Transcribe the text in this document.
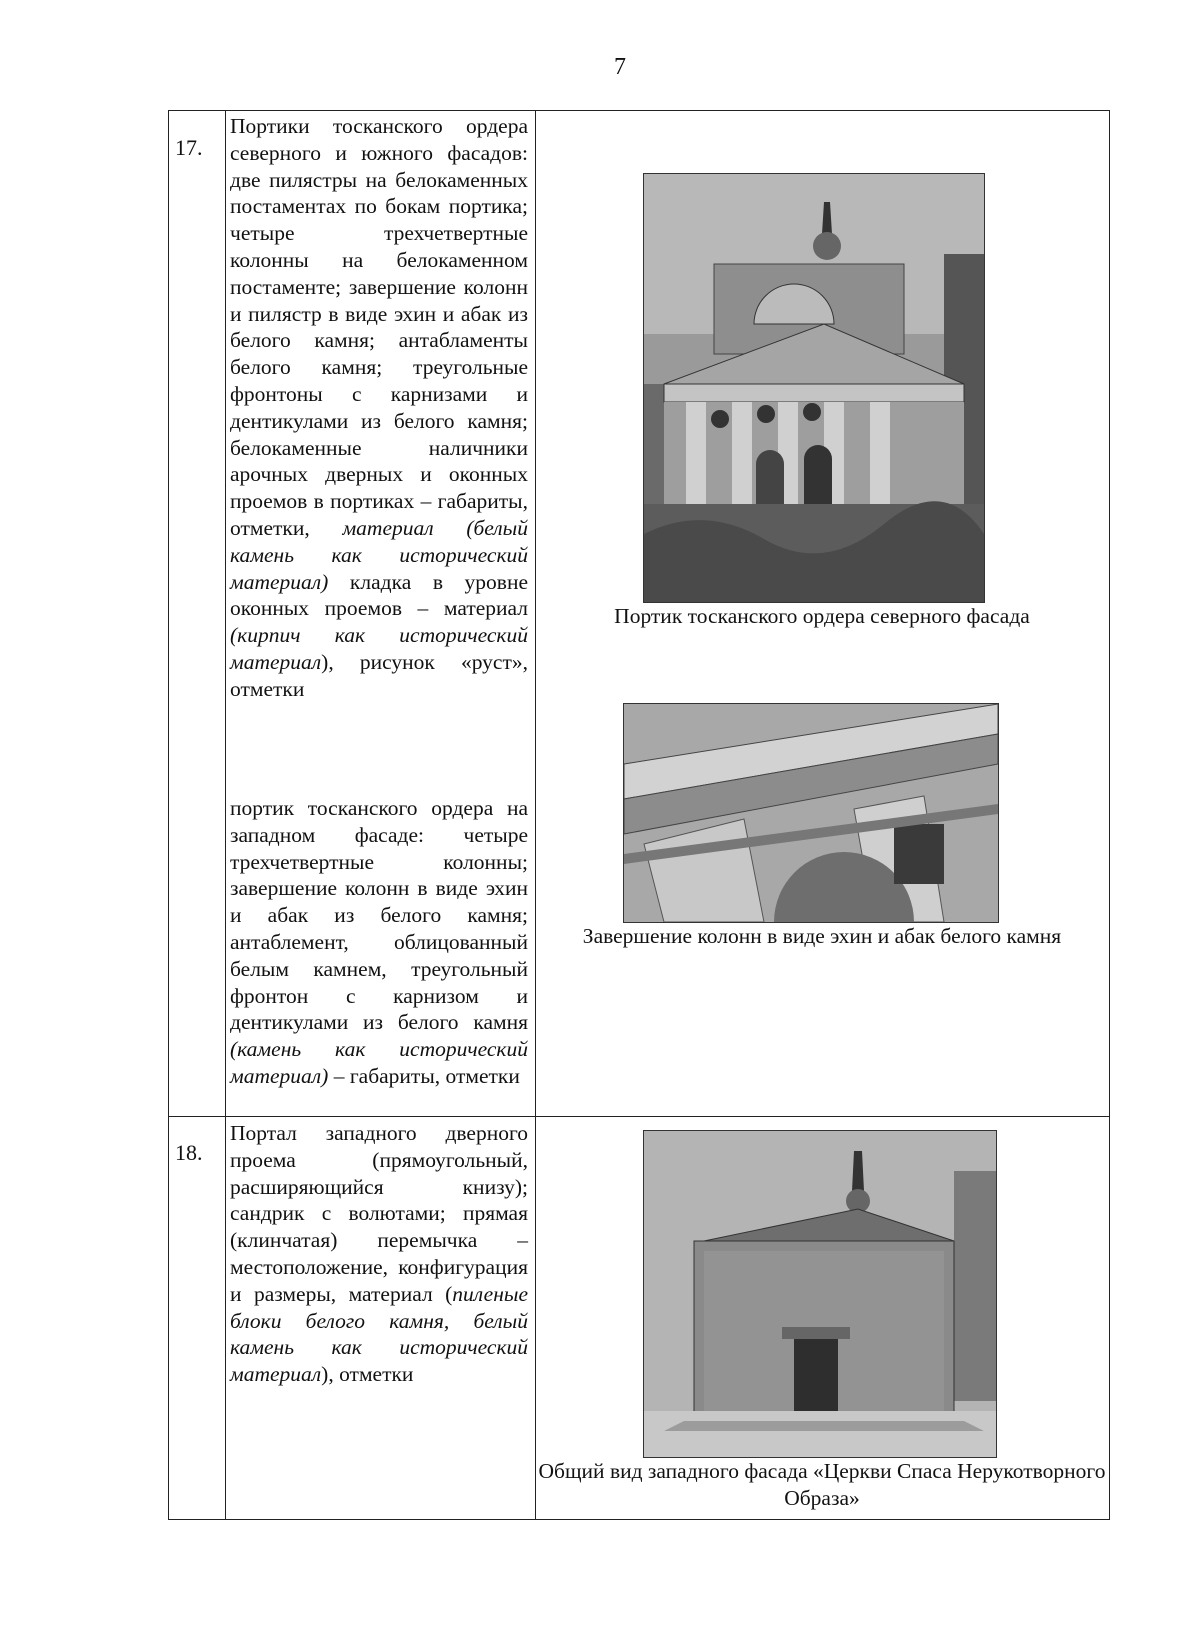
7
17.
Портики тосканского ордера северного и южного фасадов: две пилястры на белокаменных постаментах по бокам портика; четыре трехчетвертные колонны на белокаменном постаменте; завершение колонн и пилястр в виде эхин и абак из белого камня; антабламенты белого камня; треугольные фронтоны с карнизами и дентикулами из белого камня; белокаменные наличники арочных дверных и оконных проемов в портиках – габариты, отметки, материал (белый камень как исторический материал) кладка в уровне оконных проемов – материал (кирпич как исторический материал), рисунок «руст», отметки
портик тосканского ордера на западном фасаде: четыре трехчетвертные колонны; завершение колонн в виде эхин и абак из белого камня; антаблемент, облицованный белым камнем, треугольный фронтон с карнизом и дентикулами из белого камня (камень как исторический материал) – габариты, отметки
Портик тосканского ордера северного фасада
Завершение колонн в виде эхин и абак белого камня
18.
Портал западного дверного проема (прямоугольный, расширяющийся книзу); сандрик с волютами; прямая (клинчатая) перемычка – местоположение, конфигурация и размеры, материал (пиленые блоки белого камня, белый камень как исторический материал), отметки
Общий вид западного фасада «Церкви Спаса Нерукотворного Образа»
